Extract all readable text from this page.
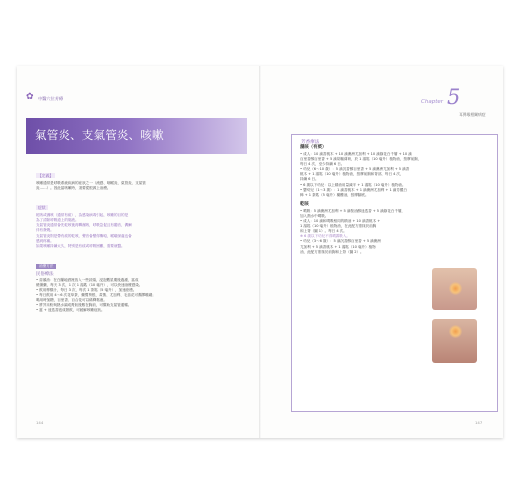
✿	中醫穴位芳療
氣管炎、支氣管炎、咳嗽
【定義】
咳嗽通常是呼吸系統疾病的症狀之一（流感、咽喉炎、氣管炎、支氣管
炎……）。因此當咳嗽時，須要從根源上治療。
症狀
乾咳或濕咳（通常有痰），為感染病毒引起，咳嗽的目的是
為了清除呼吸道上的黏液。
支氣管炎通常會先乾咳後再轉濕咳，呼吸急促且有聽音，偶爾
伴有發燒。
支氣管炎則是帶有痰的乾咳，聲音會變得嘶啞，喉嚨深處也會
感到疼痛。
如果咳嗽持續太久，特別是有痰或呼吸困難，需要就醫。
治療方法
民俗療法
• 蒜頭油：在白蘭地酒裡放入一些蒜頭，浸泡數星期後過濾，當成
燒傷藥，每天 3 次，1 次 1 湯匙（10 毫升），可以快速治療感染。
• 飲用檸檬汁，每日 3 次，每次 1 茶匙（5 毫升），加速痊癒。
• 每日飲用 4～6 次花草茶，藥蜀葵根、黃蓍、尤加利、毛蕊花可潤澤喉嚨；
喝用時加糖，百里香、百合花可以稀釋黏液。
• 將芥末粉與熱水調成膏狀後敷在胸前，可幫助支氣管通暢。
• 薑 + 迷迭香泡成熱飲，可緩解咳嗽症狀。
144
Chapter 5
耳鼻喉相關病症
芳香療法
濕咳（有痰）
• 成人：10 滴香桃木 + 10 滴澳洲尤加利 + 10 滴綠花白千層 + 10 滴
百里香醇百里香 + 5 滴胡椒薄荷，於 1 湯匙（10 毫升）植物油，按摩前胸，
每日 4 次，至少持續 6 日。
• 幼兒（6～10 歲）：5 滴沉香醇百里香 + 5 滴澳洲尤加利 + 5 滴香
桃木 + 1 湯匙（10 毫升）植物油，按摩前胸和背部，每日 4 次，
持續 6 日。
• 6 歲以下幼兒：以上精油用量減半 + 1 湯匙（10 毫升）植物油。
• 嬰幼兒（1～3 歲）：1 滴香桃木 + 1 滴澳洲尤加利 + 1 滴芳羅白
樟 + 1 茶匙（5 毫升）橄欖油，按摩腳底。
乾咳
• 噴吸：5 滴澳洲尤加利 + 5 滴桉油醇迷迭香 + 5 滴綠花白千層，
加入熱水中噴吸。
• 成人：10 滴和噴吸相同的精油 + 10 滴香桃木 +
1 湯匙（10 毫升）植物油，在此配方塗抹於前胸
和上背（圖 1）。每日 4 次。
※ 6 歲以下幼兒不得噴霧吸入。
• 幼兒（3～6 歲）：5 滴沉香醇百里香 + 5 滴澳洲
尤加利 + 5 滴香桃木 + 1 湯匙（10 毫升）植物
油，此配方塗抹於前胸和上背（圖 2）。
147
